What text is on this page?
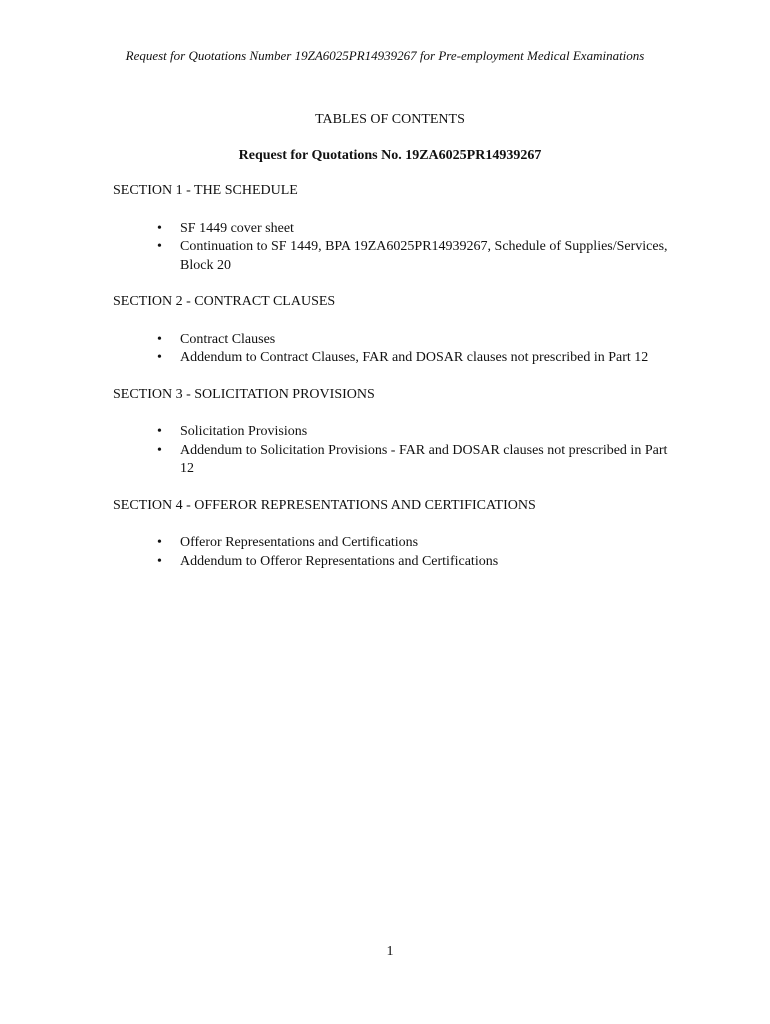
Request for Quotations Number 19ZA6025PR14939267 for Pre-employment Medical Examinations
TABLES OF CONTENTS
Request for Quotations No. 19ZA6025PR14939267
SECTION 1 - THE SCHEDULE
• SF 1449 cover sheet
• Continuation to SF 1449, BPA 19ZA6025PR14939267, Schedule of Supplies/Services, Block 20
SECTION 2 - CONTRACT CLAUSES
• Contract Clauses
• Addendum to Contract Clauses, FAR and DOSAR clauses not prescribed in Part 12
SECTION 3 - SOLICITATION PROVISIONS
• Solicitation Provisions
• Addendum to Solicitation Provisions - FAR and DOSAR clauses not prescribed in Part 12
SECTION 4 - OFFEROR REPRESENTATIONS AND CERTIFICATIONS
• Offeror Representations and Certifications
• Addendum to Offeror Representations and Certifications
1
